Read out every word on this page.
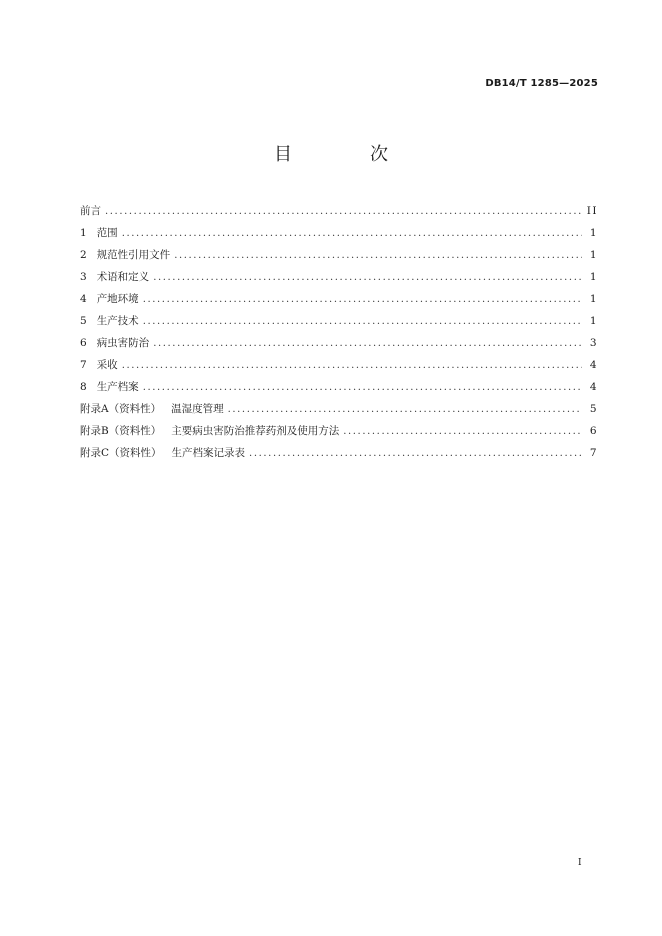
DB14/T 1285—2025
目　次
前言 .....	II
1 范围 .....	1
2 规范性引用文件 .....	1
3 术语和定义 .....	1
4 产地环境 .....	1
5 生产技术 .....	1
6 病虫害防治 .....	3
7 采收 .....	4
8 生产档案 .....	4
附录A（资料性） 温湿度管理 .....	5
附录B（资料性） 主要病虫害防治推荐药剂及使用方法 .....	6
附录C（资料性） 生产档案记录表 .....	7
I
